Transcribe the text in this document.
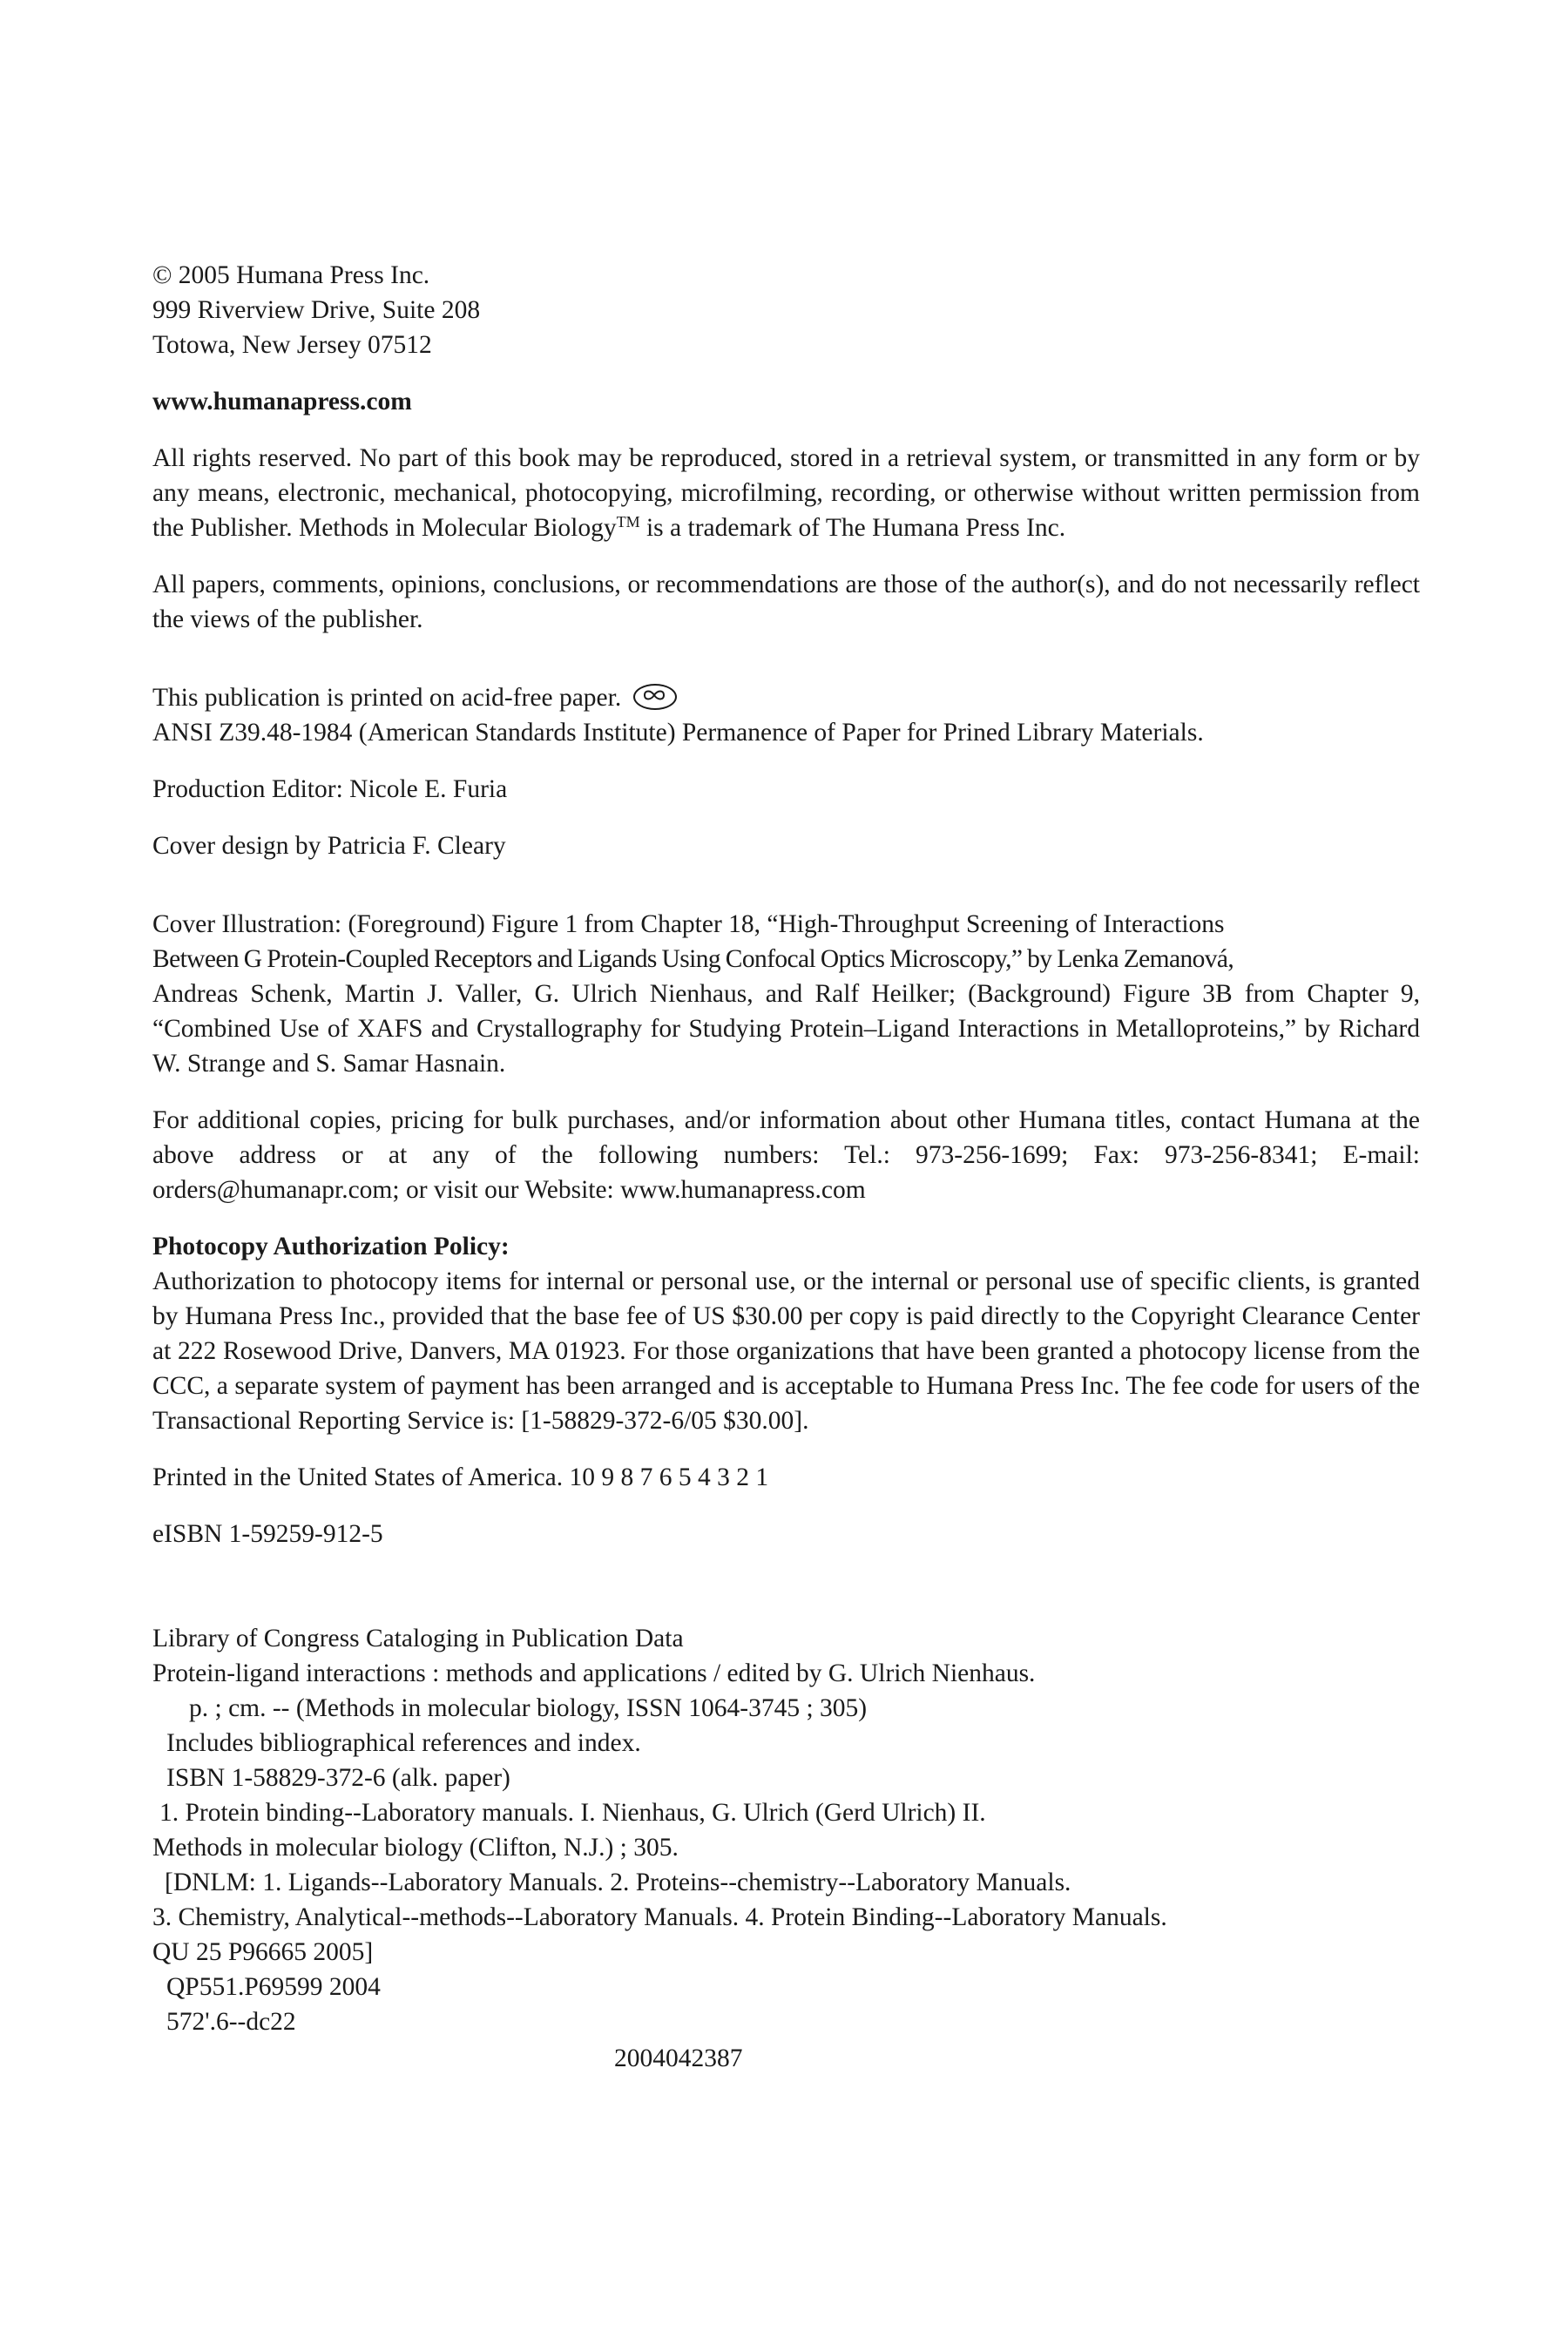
© 2005 Humana Press Inc.
999 Riverview Drive, Suite 208
Totowa, New Jersey 07512

www.humanapress.com

All rights reserved. No part of this book may be reproduced, stored in a retrieval system, or transmitted in any form or by any means, electronic, mechanical, photocopying, microfilming, recording, or otherwise without written permission from the Publisher. Methods in Molecular Biology™ is a trademark of The Humana Press Inc.

All papers, comments, opinions, conclusions, or recommendations are those of the author(s), and do not necessarily reflect the views of the publisher.

This publication is printed on acid-free paper.
ANSI Z39.48-1984 (American Standards Institute) Permanence of Paper for Prined Library Materials.

Production Editor: Nicole E. Furia

Cover design by Patricia F. Cleary

Cover Illustration: (Foreground) Figure 1 from Chapter 18, “High-Throughput Screening of Interactions
Between G Protein-Coupled Receptors and Ligands Using Confocal Optics Microscopy,” by Lenka Zemanová,

Andreas Schenk, Martin J. Valler, G. Ulrich Nienhaus, and Ralf Heilker; (Background) Figure 3B from Chapter 9, “Combined Use of XAFS and Crystallography for Studying Protein–Ligand Interactions in Metalloproteins,” by Richard W. Strange and S. Samar Hasnain.

For additional copies, pricing for bulk purchases, and/or information about other Humana titles, contact Humana at the above address or at any of the following numbers: Tel.: 973-256-1699; Fax: 973-256-8341; E-mail: orders@humanapr.com; or visit our Website: www.humanapress.com

Photocopy Authorization Policy:

Authorization to photocopy items for internal or personal use, or the internal or personal use of specific clients, is granted by Humana Press Inc., provided that the base fee of US $30.00 per copy is paid directly to the Copyright Clearance Center at 222 Rosewood Drive, Danvers, MA 01923. For those organizations that have been granted a photocopy license from the CCC, a separate system of payment has been arranged and is acceptable to Humana Press Inc. The fee code for users of the Transactional Reporting Service is: [1-58829-372-6/05 $30.00].

Printed in the United States of America. 10 9 8 7 6 5 4 3 2 1

eISBN 1-59259-912-5

Library of Congress Cataloging in Publication Data
Protein-ligand interactions : methods and applications / edited by G. Ulrich Nienhaus.
p. ; cm. -- (Methods in molecular biology, ISSN 1064-3745 ; 305)
Includes bibliographical references and index.
ISBN 1-58829-372-6 (alk. paper)
1. Protein binding--Laboratory manuals. I. Nienhaus, G. Ulrich (Gerd Ulrich) II.
Methods in molecular biology (Clifton, N.J.) ; 305.
[DNLM: 1. Ligands--Laboratory Manuals. 2. Proteins--chemistry--Laboratory Manuals.
3. Chemistry, Analytical--methods--Laboratory Manuals. 4. Protein Binding--Laboratory Manuals.
QU 25 P96665 2005]
QP551.P69599 2004
572'.6--dc22
2004042387
